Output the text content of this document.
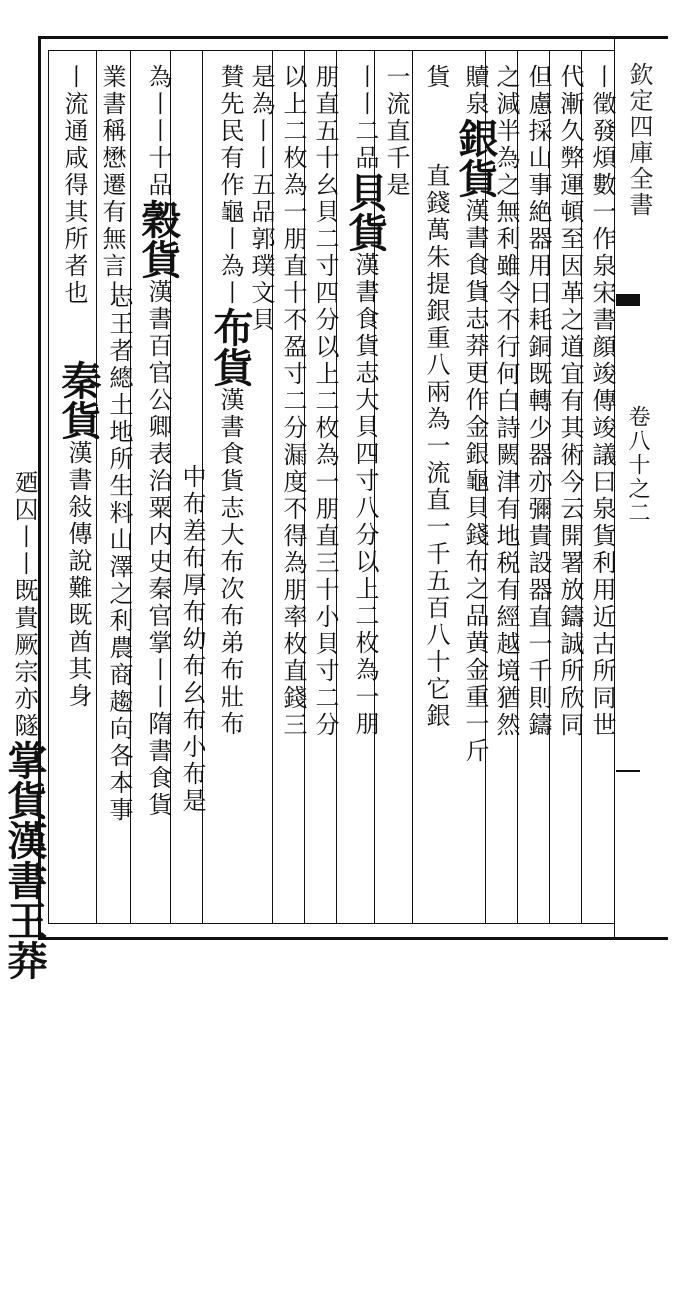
欽定四庫全書
卷八十之二
丨徵發煩數一作泉宋書顔竣傳竣議曰泉貨利用近古所同世
代漸久弊運頓至因革之道宜有其術今云開署放鑄誠所欣同
但慮採山事絶器用日耗銅既轉少器亦彌貴設器直一千則鑄
之減半為之無利雖令不行何白詩闕津有地税有經越境猶然
贖泉銀貨漢書食貨志莽更作金銀龜貝錢布之品黄金重一斤
貨直錢萬朱提銀重八兩為一流直一千五百八十它銀
一流直千是
丨丨二品貝貨漢書食貨志大貝四寸八分以上二枚為一朋
朋直五十幺貝二寸四分以上二枚為一朋直三十小貝寸二分
以上二枚為一朋直十不盈寸二分漏度不得為朋率枚直錢三
是為丨丨五品郭璞文貝
賛先民有作龜丨為丨布貨漢書食貨志大布次布弟布壯布
中布差布厚布幼布幺布小布是
為丨丨十品穀貨漢書百官公卿表治粟内史秦官掌丨丨隋書食貨
志王者總土地所生料山澤之利農商趨向各本事
業書稱懋遷有無言丨
丨流通咸得其所者也
秦貨漢書敍傳說難既酋其身
廼囚丨丨既貴厥宗亦隧掌貨漢書王莽
